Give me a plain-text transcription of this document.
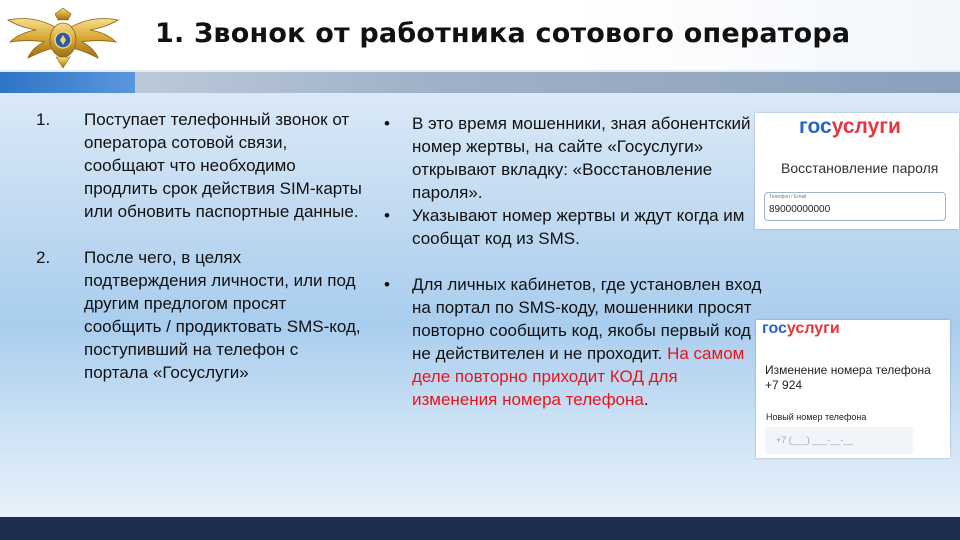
1. Звонок от работника сотового оператора
1. Поступает телефонный звонок от оператора сотовой связи, сообщают что необходимо продлить срок действия SIM-карты или обновить паспортные данные.
2. После чего, в целях подтверждения личности, или под другим предлогом просят сообщить / продиктовать SMS-код, поступивший на телефон с портала «Госуслуги»
• В это время мошенники, зная абонентский номер жертвы, на сайте «Госуслуги» открывают вкладку: «Восстановление пароля».
• Указывают номер жертвы и ждут когда им сообщат код из SMS.
• Для личных кабинетов, где установлен вход на портал по SMS-коду, мошенники просят повторно сообщить код, якобы первый код не действителен и не проходит. На самом деле повторно приходит КОД для изменения номера телефона.
госуслуги
Восстановление пароля
Телефон / Email
89000000000
госуслуги
Изменение номера телефона
+7 924
Новый номер телефона
+7 (___) ___-__-__
